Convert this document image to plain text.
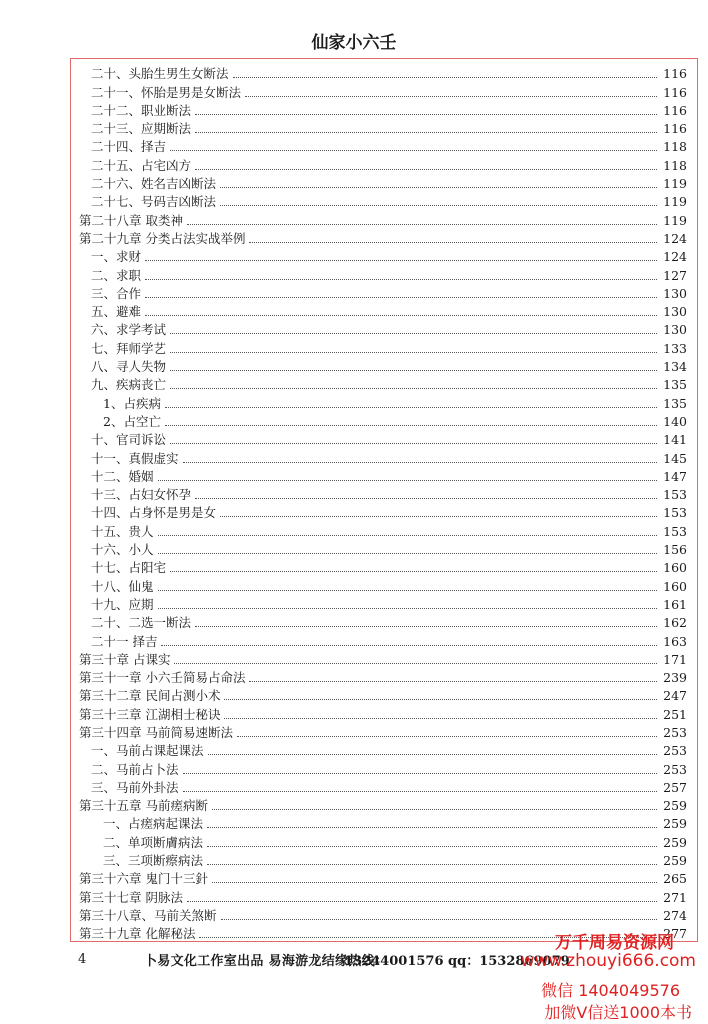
仙家小六壬
二十、头胎生男生女断法	116
二十一、怀胎是男是女断法	116
二十二、职业断法	116
二十三、应期断法	116
二十四、择吉	118
二十五、占宅凶方	118
二十六、姓名吉凶断法	119
二十七、号码吉凶断法	119
第二十八章 取类神	119
第二十九章 分类占法实战举例	124
一、求财	124
二、求职	127
三、合作	130
五、避难	130
六、求学考试	130
七、拜师学艺	133
八、寻人失物	134
九、疾病丧亡	135
1、占疾病	135
2、占空亡	140
十、官司诉讼	141
十一、真假虚实	145
十二、婚姻	147
十三、占妇女怀孕	153
十四、占身怀是男是女	153
十五、贵人	153
十六、小人	156
十七、占阳宅	160
十八、仙鬼	160
十九、应期	161
二十、二选一断法	162
二十一 择吉	163
第三十章 占课实	171
第三十一章 小六壬简易占命法	239
第三十二章 民间占测小术	247
第三十三章 江湖相士秘诀	251
第三十四章 马前简易速断法	253
一、马前占课起课法	253
二、马前占卜法	253
三、马前外卦法	257
第三十五章 马前瘥病断	259
一、占瘥病起课法	259
二、单项断膚病法	259
三、三项断瘵病法	259
第三十六章 鬼门十三針	265
第三十七章 阴脉法	271
第三十八章、马前关煞断	274
第三十九章 化解秘法	277
4	卜易文化工作室出品 易海游龙结缘热线：
13244001576 qq：1532869079
万千周易资源网
www.zhouyi666.com
微信 1404049576
加微V信送1000本书
